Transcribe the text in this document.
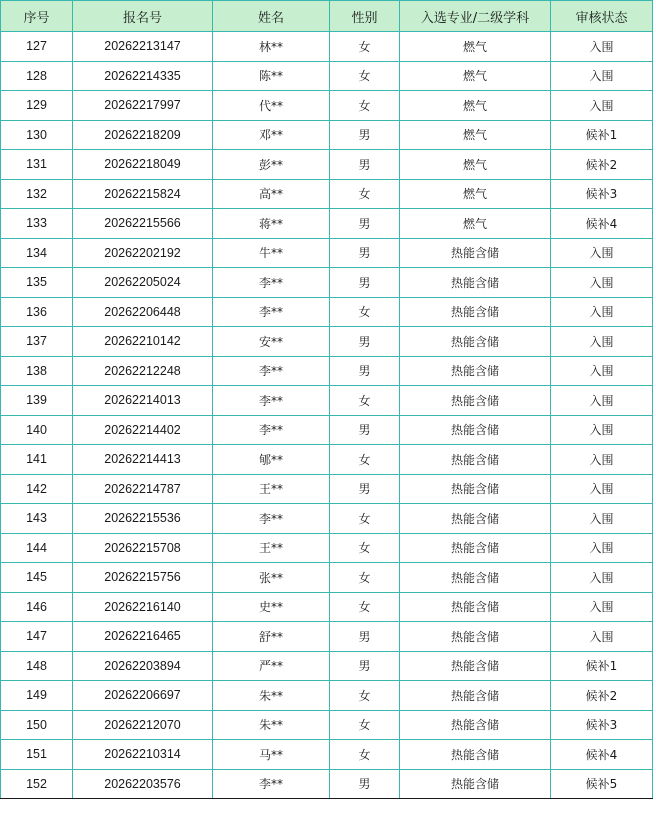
序号	报名号	姓名	性别	入选专业/二级学科	审核状态
127	20262213147	林**	女	燃气	入围
128	20262214335	陈**	女	燃气	入围
129	20262217997	代**	女	燃气	入围
130	20262218209	邓**	男	燃气	候补1
131	20262218049	彭**	男	燃气	候补2
132	20262215824	高**	女	燃气	候补3
133	20262215566	蒋**	男	燃气	候补4
134	20262202192	牛**	男	热能含储	入围
135	20262205024	李**	男	热能含储	入围
136	20262206448	李**	女	热能含储	入围
137	20262210142	安**	男	热能含储	入围
138	20262212248	李**	男	热能含储	入围
139	20262214013	李**	女	热能含储	入围
140	20262214402	李**	男	热能含储	入围
141	20262214413	郇**	女	热能含储	入围
142	20262214787	王**	男	热能含储	入围
143	20262215536	李**	女	热能含储	入围
144	20262215708	王**	女	热能含储	入围
145	20262215756	张**	女	热能含储	入围
146	20262216140	史**	女	热能含储	入围
147	20262216465	舒**	男	热能含储	入围
148	20262203894	严**	男	热能含储	候补1
149	20262206697	朱**	女	热能含储	候补2
150	20262212070	朱**	女	热能含储	候补3
151	20262210314	马**	女	热能含储	候补4
152	20262203576	李**	男	热能含储	候补5
